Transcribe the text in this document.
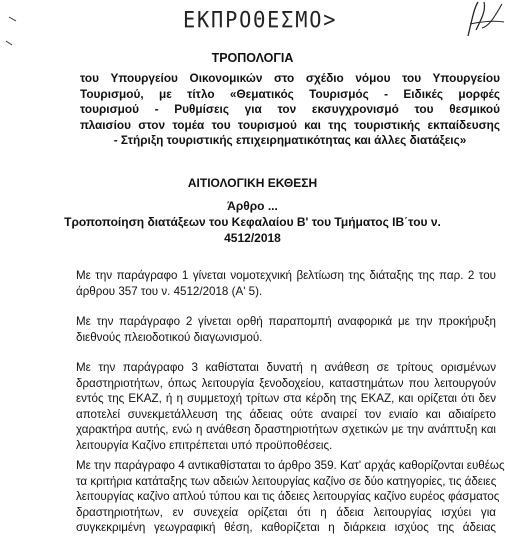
ΕΚΠΡΟΘΕΣΜΟ>
ΤΡΟΠΟΛΟΓΙΑ
του Υπουργείου Οικονομικών στο σχέδιο νόμου του Υπουργείου
Τουρισμού, με τίτλο «Θεματικός Τουρισμός - Ειδικές μορφές
τουρισμού - Ρυθμίσεις για τον εκσυγχρονισμό του θεσμικού
πλαισίου στον τομέα του τουρισμού και της τουριστικής εκπαίδευσης
- Στήριξη τουριστικής επιχειρηματικότητας και άλλες διατάξεις»
ΑΙΤΙΟΛΟΓΙΚΗ ΕΚΘΕΣΗ
Άρθρο ...
Τροποποίηση διατάξεων του Κεφαλαίου Β' του Τμήματος ΙΒ΄του ν.
4512/2018
Με την παράγραφο 1 γίνεται νομοτεχνική βελτίωση της διάταξης της παρ. 2 του
άρθρου 357 του ν. 4512/2018 (Α' 5).
Με την παράγραφο 2 γίνεται ορθή παραπομπή αναφορικά με την προκήρυξη
διεθνούς πλειοδοτικού διαγωνισμού.
Με την παράγραφο 3 καθίσταται δυνατή η ανάθεση σε τρίτους ορισμένων
δραστηριοτήτων, όπως λειτουργία ξενοδοχείου, καταστημάτων που λειτουργούν
εντός της ΕΚΑΖ, ή η συμμετοχή τρίτων στα κέρδη της ΕΚΑΖ, και ορίζεται ότι δεν
αποτελεί συνεκμετάλλευση της άδειας ούτε αναιρεί τον ενιαίο και αδιαίρετο
χαρακτήρα αυτής, ενώ η ανάθεση δραστηριοτήτων σχετικών με την ανάπτυξη και
λειτουργία Καζίνο επιτρέπεται υπό προϋποθέσεις.
Με την παράγραφο 4 αντικαθίσταται το άρθρο 359. Κατ' αρχάς καθορίζονται ευθέως
τα κριτήρια κατάταξης των αδειών λειτουργίας καζίνο σε δύο κατηγορίες, τις άδειες
λειτουργίας καζίνο απλού τύπου και τις άδειες λειτουργίας καζίνο ευρέος φάσματος
δραστηριοτήτων, εν συνεχεία ορίζεται ότι η άδεια λειτουργίας ισχύει για
συγκεκριμένη γεωγραφική θέση, καθορίζεται η διάρκεια ισχύος της άδειας
